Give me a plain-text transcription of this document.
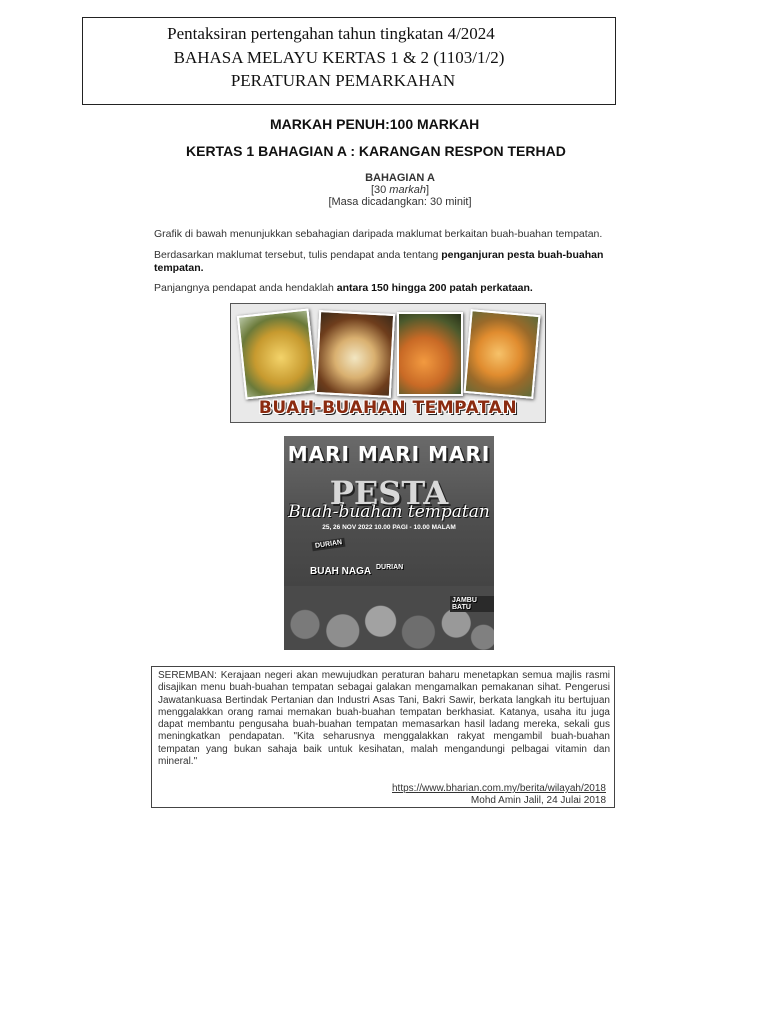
Pentaksiran pertengahan tahun tingkatan 4/2024
BAHASA MELAYU KERTAS 1 & 2 (1103/1/2)
PERATURAN PEMARKAHAN
MARKAH PENUH:100 MARKAH
KERTAS 1 BAHAGIAN A : KARANGAN RESPON TERHAD
BAHAGIAN A
[30 markah]
[Masa dicadangkan: 30 minit]
Grafik di bawah menunjukkan sebahagian daripada maklumat berkaitan buah-buahan tempatan.
Berdasarkan maklumat tersebut, tulis pendapat anda tentang penganjuran pesta buah-buahan tempatan.
Panjangnya pendapat anda hendaklah antara 150 hingga 200 patah perkataan.
BUAH-BUAHAN TEMPATAN
MARI MARI MARI
PESTA
Buah-buahan tempatan
25, 26 NOV 2022 10.00 PAGI - 10.00 MALAM
DURIAN
BUAH NAGA DURIAN
JAMBU BATU
SEREMBAN: Kerajaan negeri akan mewujudkan peraturan baharu menetapkan semua majlis rasmi disajikan menu buah-buahan tempatan sebagai galakan mengamalkan pemakanan sihat. Pengerusi Jawatankuasa Bertindak Pertanian dan Industri Asas Tani, Bakri Sawir, berkata langkah itu bertujuan menggalakkan orang ramai memakan buah-buahan tempatan berkhasiat. Katanya, usaha itu juga dapat membantu pengusaha buah-buahan tempatan memasarkan hasil ladang mereka, sekali gus meningkatkan pendapatan. "Kita seharusnya menggalakkan rakyat mengambil buah-buahan tempatan yang bukan sahaja baik untuk kesihatan, malah mengandungi pelbagai vitamin dan mineral."
https://www.bharian.com.my/berita/wilayah/2018
Mohd Amin Jalil, 24 Julai 2018
